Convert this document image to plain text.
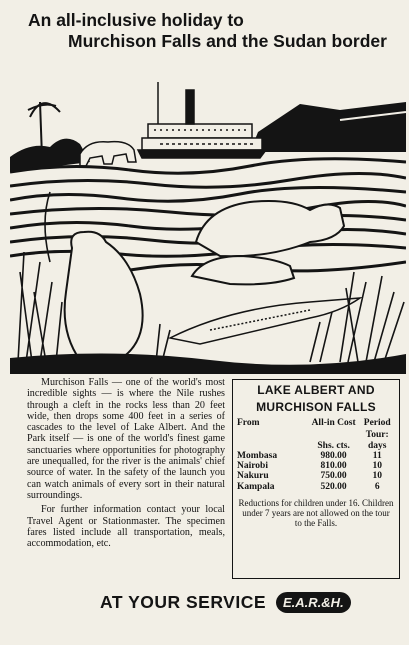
An all-inclusive holiday to
Murchison Falls and the Sudan border

Murchison Falls — one of the world's most incredible sights — is where the Nile rushes through a cleft in the rocks less than 20 feet wide, then drops some 400 feet in a series of cascades to the level of Lake Albert. And the Park itself — is one of the world's finest game sanctuaries where opportunities for photography are unequalled, for the river is the animals' chief source of water. In the safety of the launch you can watch animals of every sort in their natural surroundings.

For further information contact your local Travel Agent or Stationmaster. The specimen fares listed include all transportation, meals, accommodation, etc.

LAKE ALBERT AND
MURCHISON FALLS
From	All-in Cost	Period
		Tour:
	Shs. cts.	days
Mombasa	980.00	11
Nairobi	810.00	10
Nakuru	750.00	10
Kampala	520.00	6
Reductions for children under 16. Children under 7 years are not allowed on the tour to the Falls.
AT YOUR SERVICE	E.A.R.&H.
